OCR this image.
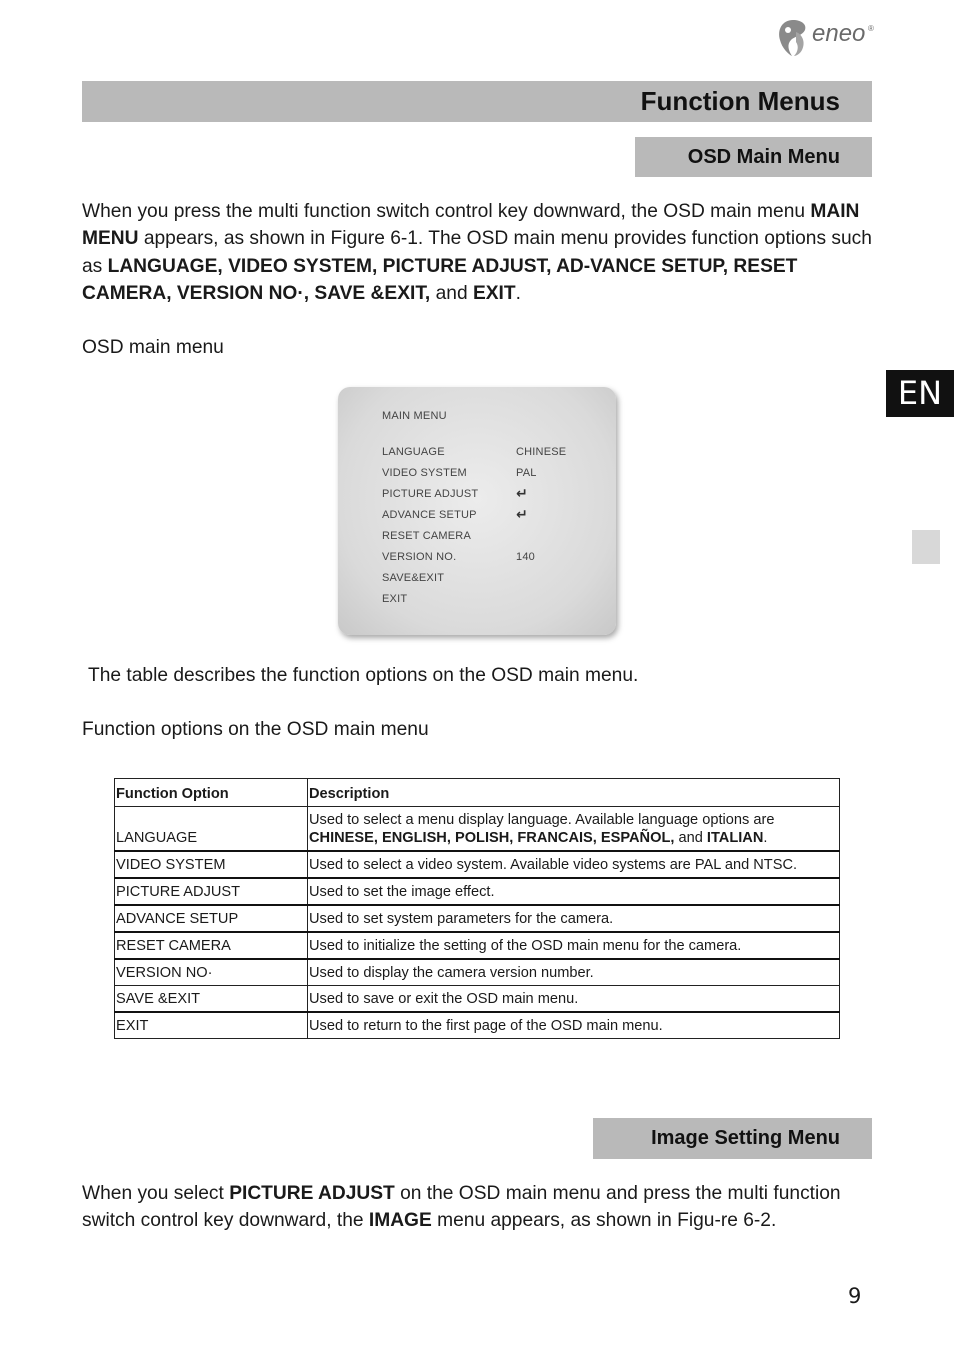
eneo ®
Function Menus
OSD Main Menu
When you press the multi function switch control key downward, the OSD main menu MAIN MENU appears, as shown in Figure 6-1. The OSD main menu provides function options such as LANGUAGE, VIDEO SYSTEM, PICTURE ADJUST, AD-VANCE SETUP, RESET CAMERA, VERSION NO·, SAVE &EXIT, and EXIT.
OSD main menu
EN
MAIN MENU
LANGUAGE	CHINESE
VIDEO SYSTEM	PAL
PICTURE ADJUST	↵
ADVANCE SETUP	↵
RESET CAMERA
VERSION NO.	140
SAVE&EXIT
EXIT
The table describes the function options on the OSD main menu.
Function options on the OSD main menu
Function Option	Description
LANGUAGE	Used to select a menu display language. Available language options are CHINESE, ENGLISH, POLISH, FRANCAIS, ESPAÑOL, and ITALIAN.
VIDEO SYSTEM	Used to select a video system. Available video systems are PAL and NTSC.
PICTURE ADJUST	Used to set the image effect.
ADVANCE SETUP	Used to set system parameters for the camera.
RESET CAMERA	Used to initialize the setting of the OSD main menu for the camera.
VERSION NO·	Used to display the camera version number.
SAVE &EXIT	Used to save or exit the OSD main menu.
EXIT	Used to return to the first page of the OSD main menu.
Image Setting Menu
When you select PICTURE ADJUST on the OSD main menu and press the multi function switch control key downward, the IMAGE menu appears, as shown in Figu-re 6-2.
9
